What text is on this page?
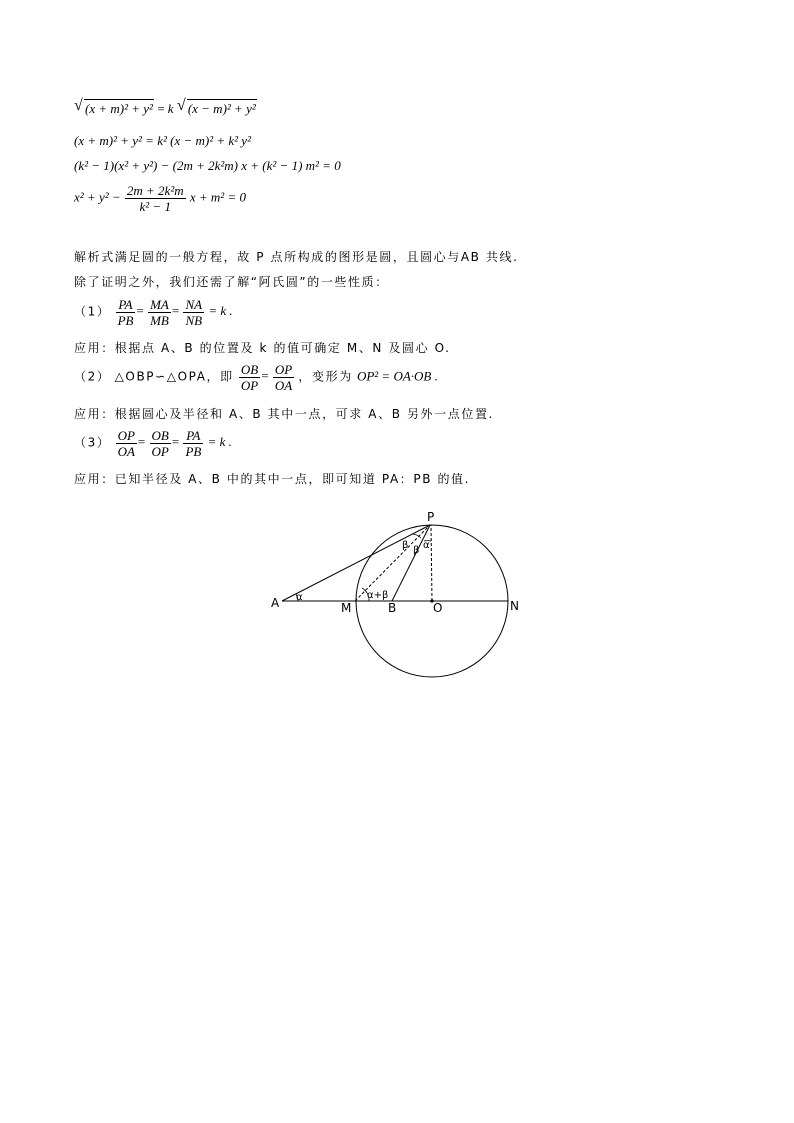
√ (x + m)² + y² = k √ (x − m)² + y²
(x + m)² + y² = k² (x − m)² + k² y²
(k² − 1)(x² + y²) − (2m + 2k²m) x + (k² − 1) m² = 0
$x^2 + y^2 - \frac{\text{2m + 2k²m}}{\text{k² − 1}}$ x + m² = 0
解析式满足圆的一般方程，故 P 点所构成的图形是圆，且圆心与AB 共线.
除了证明之外，我们还需了解“阿氏圆”的一些性质：
$(1) \frac{PA}{PB} = \frac{MA}{MB} = \frac{NA}{NB} = k$ .
应用：根据点 A、B 的位置及 k 的值可确定 M、N 及圆心 O.
（2） △OBP∽△OPA，即 $\frac{OB}{OP} = \frac{OP}{OA}$ ，变形为 OP² = OA·OB .
应用：根据圆心及半径和 A、B 其中一点，可求 A、B 另外一点位置.
$(3) \frac{OP}{OA} = \frac{OB}{OP} = \frac{PA}{PB} = k$ .
应用：已知半径及 A、B 中的其中一点，即可知道 PA：PB 的值.
P
A	M	B	O	N
α	α+β
β β α
